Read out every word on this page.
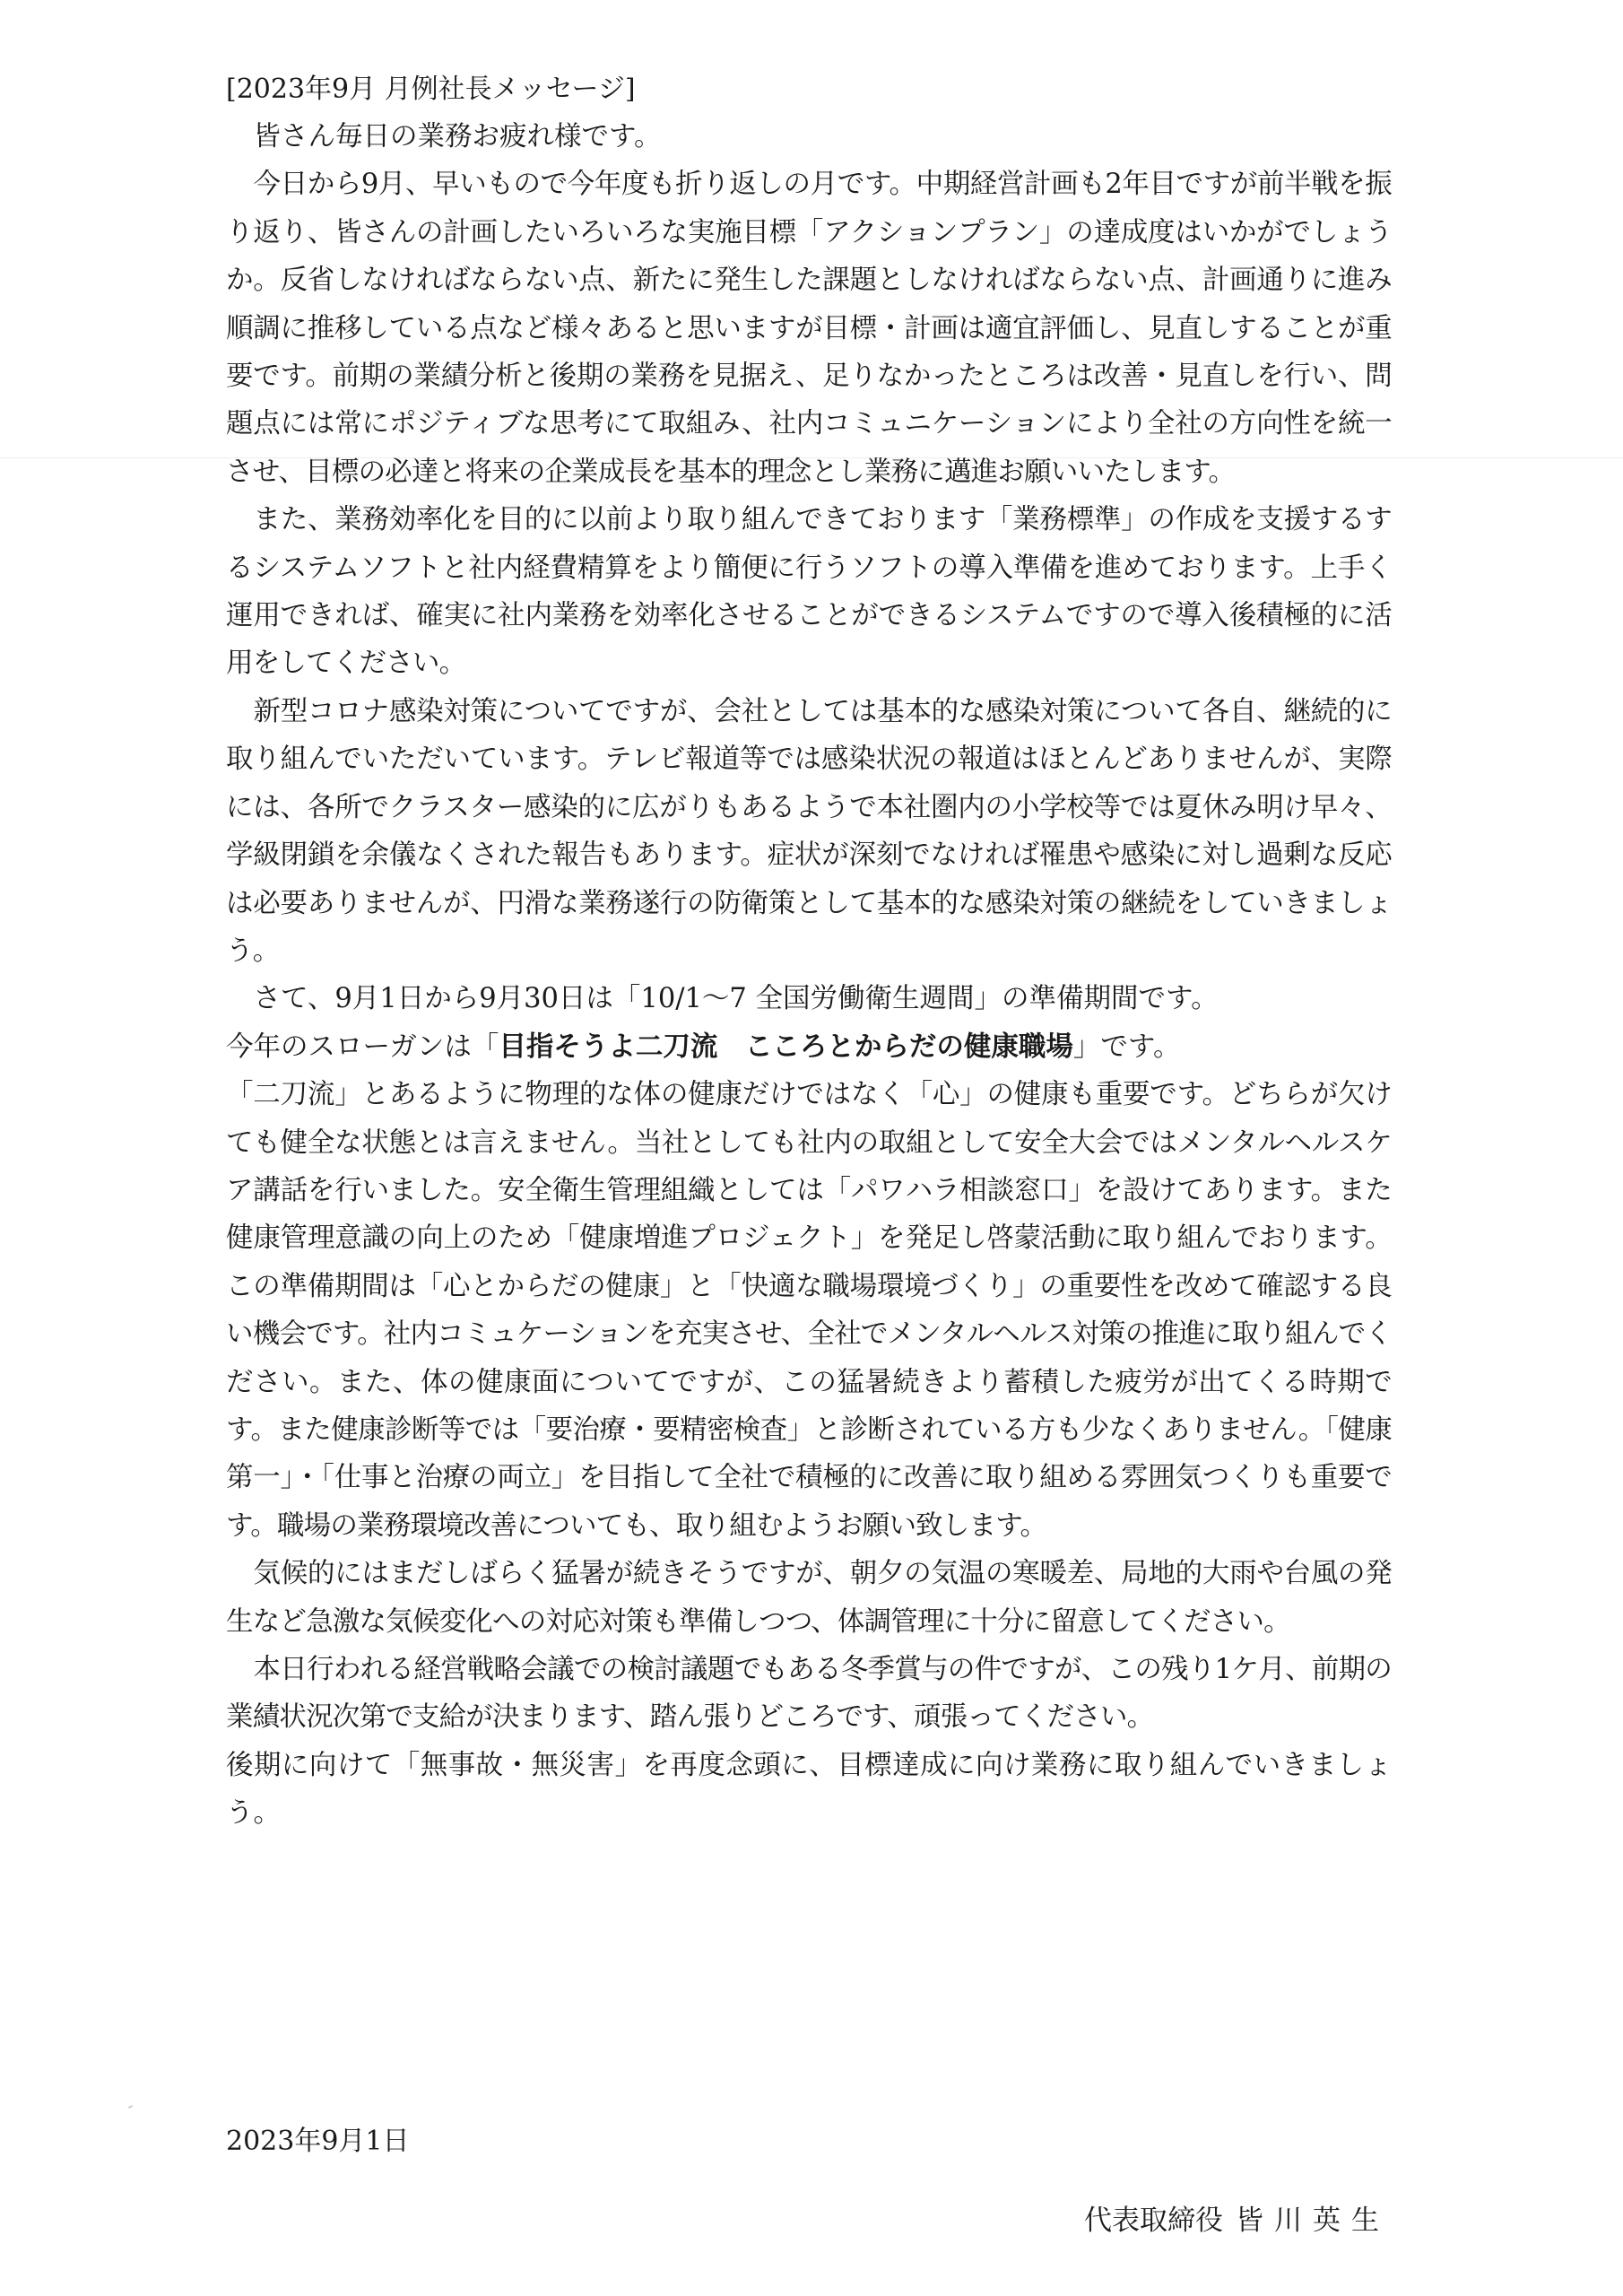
[2023年9月 月例社長メッセージ]

皆さん毎日の業務お疲れ様です。

今日から9月、早いもので今年度も折り返しの月です。中期経営計画も2年目ですが前半戦を振り返り、皆さんの計画したいろいろな実施目標「アクションプラン」の達成度はいかがでしょうか。反省しなければならない点、新たに発生した課題としなければならない点、計画通りに進み順調に推移している点など様々あると思いますが目標・計画は適宜評価し、見直しすることが重要です。前期の業績分析と後期の業務を見据え、足りなかったところは改善・見直しを行い、問題点には常にポジティブな思考にて取組み、社内コミュニケーションにより全社の方向性を統一させ、目標の必達と将来の企業成長を基本的理念とし業務に邁進お願いいたします。

また、業務効率化を目的に以前より取り組んできております「業務標準」の作成を支援するするシステムソフトと社内経費精算をより簡便に行うソフトの導入準備を進めております。上手く運用できれば、確実に社内業務を効率化させることができるシステムですので導入後積極的に活用をしてください。

新型コロナ感染対策についてですが、会社としては基本的な感染対策について各自、継続的に取り組んでいただいています。テレビ報道等では感染状況の報道はほとんどありませんが、実際には、各所でクラスター感染的に広がりもあるようで本社圏内の小学校等では夏休み明け早々、学級閉鎖を余儀なくされた報告もあります。症状が深刻でなければ罹患や感染に対し過剰な反応は必要ありませんが、円滑な業務遂行の防衛策として基本的な感染対策の継続をしていきましょう。

さて、9月1日から9月30日は「10/1～7 全国労働衛生週間」の準備期間です。

今年のスローガンは「目指そうよ二刀流　こころとからだの健康職場」です。

「二刀流」とあるように物理的な体の健康だけではなく「心」の健康も重要です。どちらが欠けても健全な状態とは言えません。当社としても社内の取組として安全大会ではメンタルヘルスケア講話を行いました。安全衛生管理組織としては「パワハラ相談窓口」を設けてあります。また健康管理意識の向上のため「健康増進プロジェクト」を発足し啓蒙活動に取り組んでおります。この準備期間は「心とからだの健康」と「快適な職場環境づくり」の重要性を改めて確認する良い機会です。社内コミュケーションを充実させ、全社でメンタルヘルス対策の推進に取り組んでください。また、体の健康面についてですが、この猛暑続きより蓄積した疲労が出てくる時期です。また健康診断等では「要治療・要精密検査」と診断されている方も少なくありません。「健康第一」・「仕事と治療の両立」を目指して全社で積極的に改善に取り組める雰囲気つくりも重要です。職場の業務環境改善についても、取り組むようお願い致します。

気候的にはまだしばらく猛暑が続きそうですが、朝夕の気温の寒暖差、局地的大雨や台風の発生など急激な気候変化への対応対策も準備しつつ、体調管理に十分に留意してください。

本日行われる経営戦略会議での検討議題でもある冬季賞与の件ですが、この残り1ケ月、前期の業績状況次第で支給が決まります、踏ん張りどころです、頑張ってください。

後期に向けて「無事故・無災害」を再度念頭に、目標達成に向け業務に取り組んでいきましょう。

2023年9月1日

代表取締役 皆川英生
